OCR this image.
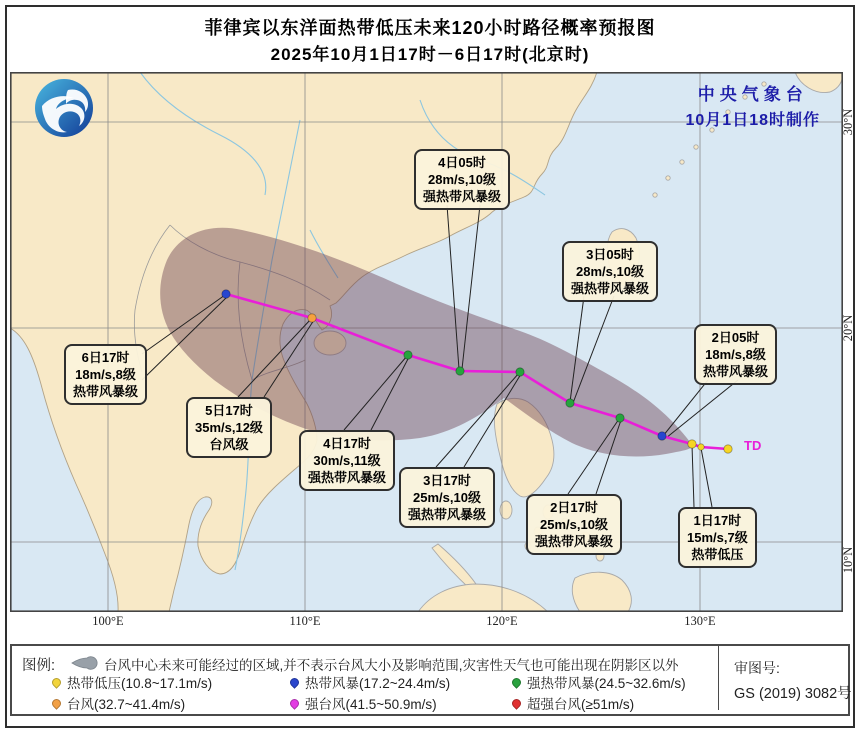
菲律宾以东洋面热带低压未来120小时路径概率预报图
2025年10月1日17时－6日17时(北京时)
中央气象台
10月1日18时制作
TD
1日17时
15m/s,7级
热带低压
2日05时
18m/s,8级
热带风暴级
2日17时
25m/s,10级
强热带风暴级
3日05时
28m/s,10级
强热带风暴级
3日17时
25m/s,10级
强热带风暴级
4日05时
28m/s,10级
强热带风暴级
4日17时
30m/s,11级
强热带风暴级
5日17时
35m/s,12级
台风级
6日17时
18m/s,8级
热带风暴级
100°E	110°E	120°E	130°E
30°N
20°N
10°N
图例:	台风中心未来可能经过的区域,并不表示台风大小及影响范围,灾害性天气也可能出现在阴影区以外
热带低压(10.8~17.1m/s)	热带风暴(17.2~24.4m/s)	强热带风暴(24.5~32.6m/s)
台风(32.7~41.4m/s)	强台风(41.5~50.9m/s)	超强台风(≥51m/s)
审图号:
GS (2019) 3082号
